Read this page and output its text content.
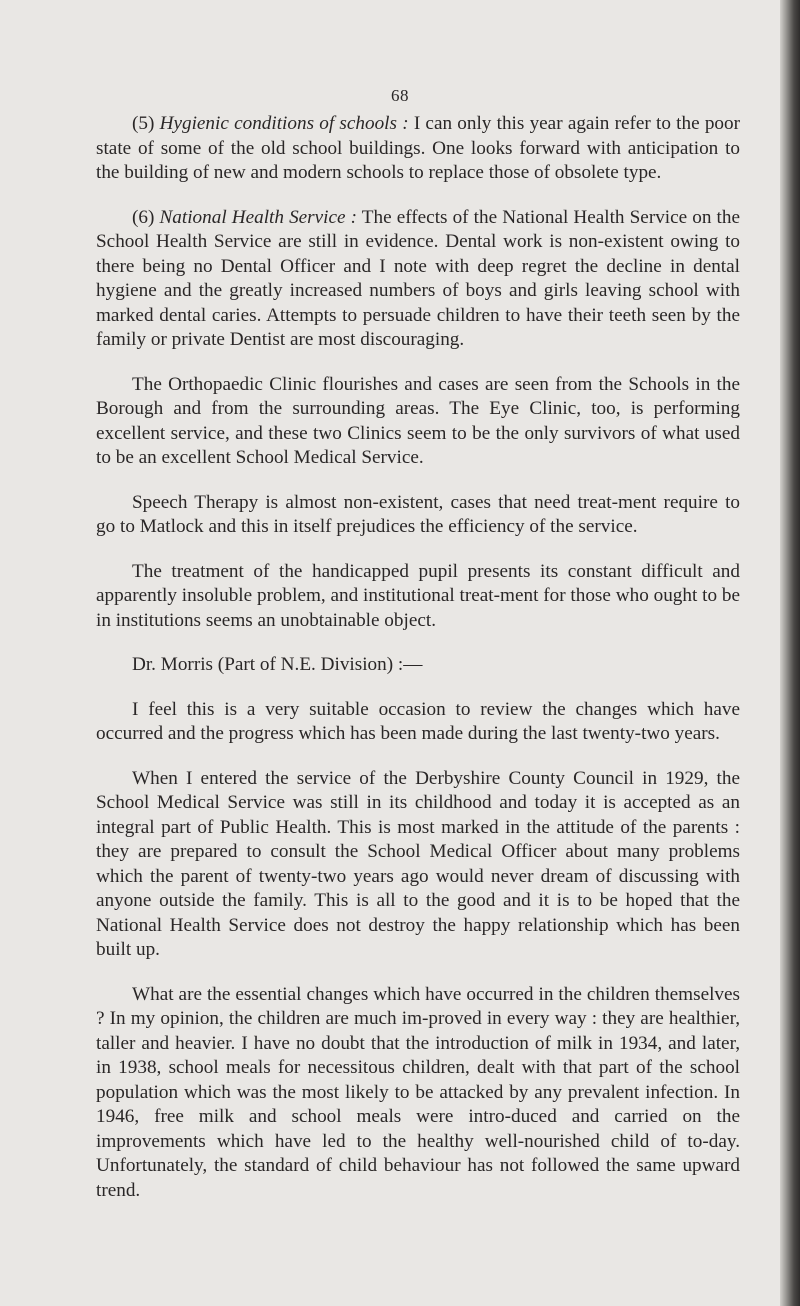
68

(5) Hygienic conditions of schools : I can only this year again refer to the poor state of some of the old school buildings. One looks forward with anticipation to the building of new and modern schools to replace those of obsolete type.

(6) National Health Service : The effects of the National Health Service on the School Health Service are still in evidence. Dental work is non-existent owing to there being no Dental Officer and I note with deep regret the decline in dental hygiene and the greatly increased numbers of boys and girls leaving school with marked dental caries. Attempts to persuade children to have their teeth seen by the family or private Dentist are most discouraging.

The Orthopaedic Clinic flourishes and cases are seen from the Schools in the Borough and from the surrounding areas. The Eye Clinic, too, is performing excellent service, and these two Clinics seem to be the only survivors of what used to be an excellent School Medical Service.

Speech Therapy is almost non-existent, cases that need treat-ment require to go to Matlock and this in itself prejudices the efficiency of the service.

The treatment of the handicapped pupil presents its constant difficult and apparently insoluble problem, and institutional treat-ment for those who ought to be in institutions seems an unobtainable object.

Dr. Morris (Part of N.E. Division) :—

I feel this is a very suitable occasion to review the changes which have occurred and the progress which has been made during the last twenty-two years.

When I entered the service of the Derbyshire County Council in 1929, the School Medical Service was still in its childhood and today it is accepted as an integral part of Public Health. This is most marked in the attitude of the parents : they are prepared to consult the School Medical Officer about many problems which the parent of twenty-two years ago would never dream of discussing with anyone outside the family. This is all to the good and it is to be hoped that the National Health Service does not destroy the happy relationship which has been built up.

What are the essential changes which have occurred in the children themselves ? In my opinion, the children are much im-proved in every way : they are healthier, taller and heavier. I have no doubt that the introduction of milk in 1934, and later, in 1938, school meals for necessitous children, dealt with that part of the school population which was the most likely to be attacked by any prevalent infection. In 1946, free milk and school meals were intro-duced and carried on the improvements which have led to the healthy well-nourished child of to-day. Unfortunately, the standard of child behaviour has not followed the same upward trend.
